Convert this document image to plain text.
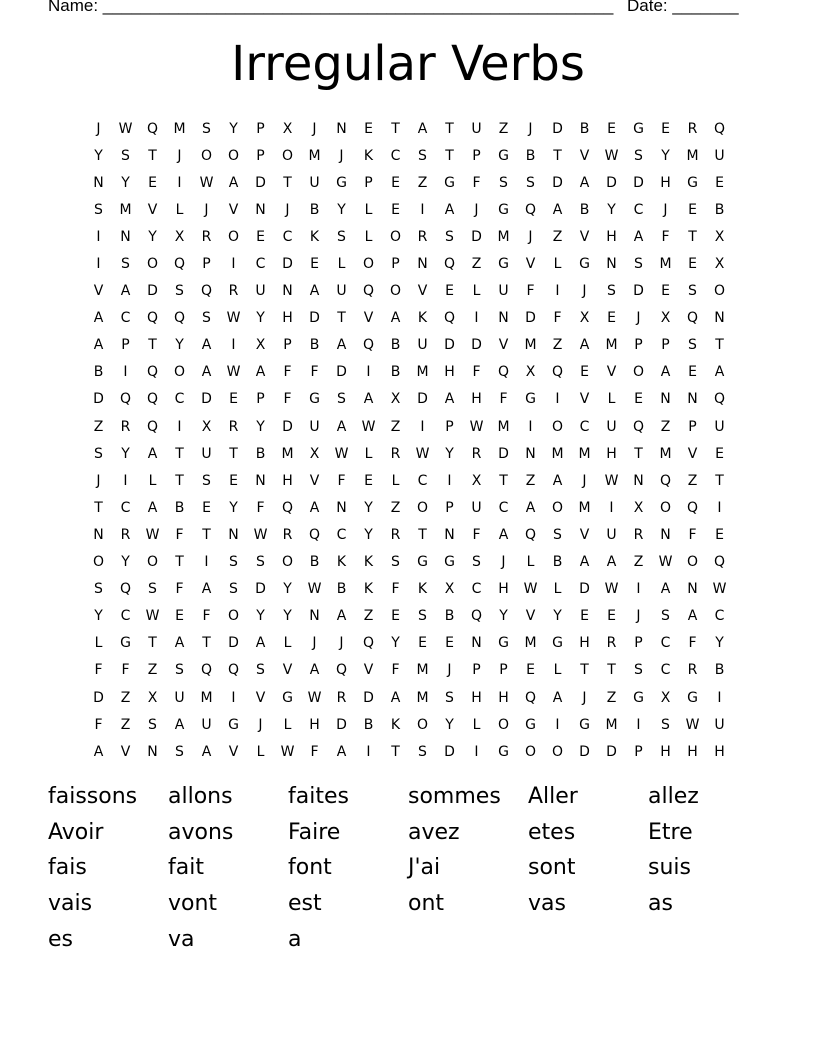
Name: ______________________________________________________ Date: _______
Irregular Verbs
J	W	Q	M	S	Y	P	X	J	N	E	T	A	T	U	Z	J	D	B	E	G	E	R	Q
Y	S	T	J	O	O	P	O	M	J	K	C	S	T	P	G	B	T	V	W	S	Y	M	U
N	Y	E	I	W	A	D	T	U	G	P	E	Z	G	F	S	S	D	A	D	D	H	G	E
S	M	V	L	J	V	N	J	B	Y	L	E	I	A	J	G	Q	A	B	Y	C	J	E	B
I	N	Y	X	R	O	E	C	K	S	L	O	R	S	D	M	J	Z	V	H	A	F	T	X
I	S	O	Q	P	I	C	D	E	L	O	P	N	Q	Z	G	V	L	G	N	S	M	E	X
V	A	D	S	Q	R	U	N	A	U	Q	O	V	E	L	U	F	I	J	S	D	E	S	O
A	C	Q	Q	S	W	Y	H	D	T	V	A	K	Q	I	N	D	F	X	E	J	X	Q	N
A	P	T	Y	A	I	X	P	B	A	Q	B	U	D	D	V	M	Z	A	M	P	P	S	T
B	I	Q	O	A	W	A	F	F	D	I	B	M	H	F	Q	X	Q	E	V	O	A	E	A
D	Q	Q	C	D	E	P	F	G	S	A	X	D	A	H	F	G	I	V	L	E	N	N	Q
Z	R	Q	I	X	R	Y	D	U	A	W	Z	I	P	W	M	I	O	C	U	Q	Z	P	U
S	Y	A	T	U	T	B	M	X	W	L	R	W	Y	R	D	N	M	M	H	T	M	V	E
J	I	L	T	S	E	N	H	V	F	E	L	C	I	X	T	Z	A	J	W	N	Q	Z	T
T	C	A	B	E	Y	F	Q	A	N	Y	Z	O	P	U	C	A	O	M	I	X	O	Q	I
N	R	W	F	T	N	W	R	Q	C	Y	R	T	N	F	A	Q	S	V	U	R	N	F	E
O	Y	O	T	I	S	S	O	B	K	K	S	G	G	S	J	L	B	A	A	Z	W	O	Q
S	Q	S	F	A	S	D	Y	W	B	K	F	K	X	C	H	W	L	D	W	I	A	N	W
Y	C	W	E	F	O	Y	Y	N	A	Z	E	S	B	Q	Y	V	Y	E	E	J	S	A	C
L	G	T	A	T	D	A	L	J	J	Q	Y	E	E	N	G	M	G	H	R	P	C	F	Y
F	F	Z	S	Q	Q	S	V	A	Q	V	F	M	J	P	P	E	L	T	T	S	C	R	B
D	Z	X	U	M	I	V	G	W	R	D	A	M	S	H	H	Q	A	J	Z	G	X	G	I
F	Z	S	A	U	G	J	L	H	D	B	K	O	Y	L	O	G	I	G	M	I	S	W	U
A	V	N	S	A	V	L	W	F	A	I	T	S	D	I	G	O	O	D	D	P	H	H	H
faissons	allons	faites	sommes	Aller	allez
Avoir	avons	Faire	avez	etes	Etre
fais	fait	font	J'ai	sont	suis
vais	vont	est	ont	vas	as
es	va	a
